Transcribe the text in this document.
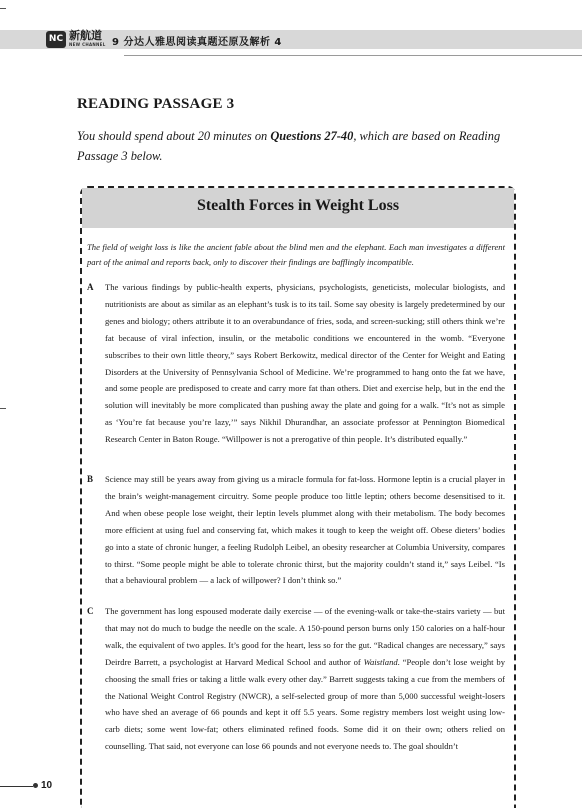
NC 新航道
NEW CHANNEL 9 分达人雅思阅读真题还原及解析 4
READING PASSAGE 3
You should spend about 20 minutes on Questions 27-40, which are based on Reading Passage 3 below.
Stealth Forces in Weight Loss
The field of weight loss is like the ancient fable about the blind men and the elephant. Each man investigates a different part of the animal and reports back, only to discover their findings are bafflingly incompatible.
A The various findings by public-health experts, physicians, psychologists, geneticists, molecular biologists, and nutritionists are about as similar as an elephant’s tusk is to its tail. Some say obesity is largely predetermined by our genes and biology; others attribute it to an overabundance of fries, soda, and screen-sucking; still others think we’re fat because of viral infection, insulin, or the metabolic conditions we encountered in the womb. “Everyone subscribes to their own little theory,” says Robert Berkowitz, medical director of the Center for Weight and Eating Disorders at the University of Pennsylvania School of Medicine. We’re programmed to hang onto the fat we have, and some people are predisposed to create and carry more fat than others. Diet and exercise help, but in the end the solution will inevitably be more complicated than pushing away the plate and going for a walk. “It’s not as simple as ‘You’re fat because you’re lazy,’” says Nikhil Dhurandhar, an associate professor at Pennington Biomedical Research Center in Baton Rouge. “Willpower is not a prerogative of thin people. It’s distributed equally.”
B Science may still be years away from giving us a miracle formula for fat-loss. Hormone leptin is a crucial player in the brain’s weight-management circuitry. Some people produce too little leptin; others become desensitised to it. And when obese people lose weight, their leptin levels plummet along with their metabolism. The body becomes more efficient at using fuel and conserving fat, which makes it tough to keep the weight off. Obese dieters’ bodies go into a state of chronic hunger, a feeling Rudolph Leibel, an obesity researcher at Columbia University, compares to thirst. “Some people might be able to tolerate chronic thirst, but the majority couldn’t stand it,” says Leibel. “Is that a behavioural problem — a lack of willpower? I don’t think so.”
C The government has long espoused moderate daily exercise — of the evening-walk or take-the-stairs variety — but that may not do much to budge the needle on the scale. A 150-pound person burns only 150 calories on a half-hour walk, the equivalent of two apples. It’s good for the heart, less so for the gut. “Radical changes are necessary,” says Deirdre Barrett, a psychologist at Harvard Medical School and author of Waistland. “People don’t lose weight by choosing the small fries or taking a little walk every other day.” Barrett suggests taking a cue from the members of the National Weight Control Registry (NWCR), a self-selected group of more than 5,000 successful weight-losers who have shed an average of 66 pounds and kept it off 5.5 years. Some registry members lost weight using low-carb diets; some went low-fat; others eliminated refined foods. Some did it on their own; others relied on counselling. That said, not everyone can lose 66 pounds and not everyone needs to. The goal shouldn’t
10
